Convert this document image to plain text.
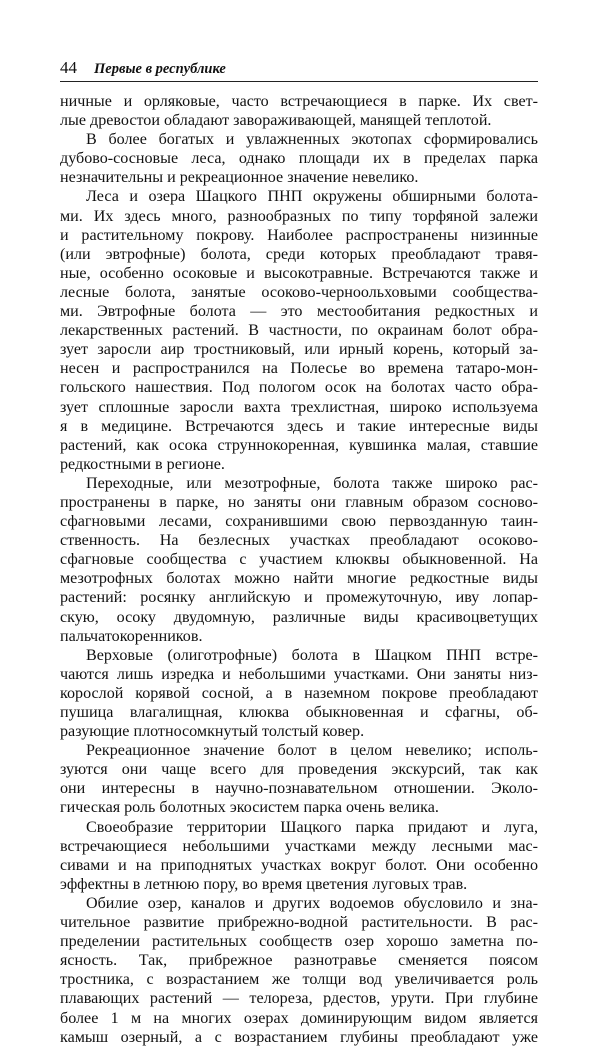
44	Первые в республике
ничные и орляковые, часто встречающиеся в парке. Их свет-
лые древостои обладают завораживающей, манящей теплотой.
В более богатых и увлажненных экотопах сформировались
дубово-сосновые леса, однако площади их в пределах парка
незначительны и рекреационное значение невелико.
Леса и озера Шацкого ПНП окружены обширными болота-
ми. Их здесь много, разнообразных по типу торфяной залежи
и растительному покрову. Наиболее распространены низинные
(или эвтрофные) болота, среди которых преобладают травя-
ные, особенно осоковые и высокотравные. Встречаются также и
лесные болота, занятые осоково-черноольховыми сообщества-
ми. Эвтрофные болота — это местообитания редкостных и
лекарственных растений. В частности, по окраинам болот обра-
зует заросли аир тростниковый, или ирный корень, который за-
несен и распространился на Полесье во времена татаро-мон-
гольского нашествия. Под пологом осок на болотах часто обра-
зует сплошные заросли вахта трехлистная, широко используема
я в медицине. Встречаются здесь и такие интересные виды
растений, как осока струннокоренная, кувшинка малая, ставшие
редкостными в регионе.
Переходные, или мезотрофные, болота также широко рас-
пространены в парке, но заняты они главным образом сосново-
сфагновыми лесами, сохранившими свою первозданную таин-
ственность. На безлесных участках преобладают осоково-
сфагновые сообщества с участием клюквы обыкновенной. На
мезотрофных болотах можно найти многие редкостные виды
растений: росянку английскую и промежуточную, иву лопар-
скую, осоку двудомную, различные виды красивоцветущих
пальчатокоренников.
Верховые (олиготрофные) болота в Шацком ПНП встре-
чаются лишь изредка и небольшими участками. Они заняты низ-
корослой корявой сосной, а в наземном покрове преобладают
пушица влагалищная, клюква обыкновенная и сфагны, об-
разующие плотносомкнутый толстый ковер.
Рекреационное значение болот в целом невелико; исполь-
зуются они чаще всего для проведения экскурсий, так как
они интересны в научно-познавательном отношении. Эколо-
гическая роль болотных экосистем парка очень велика.
Своеобразие территории Шацкого парка придают и луга,
встречающиеся небольшими участками между лесными мас-
сивами и на приподнятых участках вокруг болот. Они особенно
эффектны в летнюю пору, во время цветения луговых трав.
Обилие озер, каналов и других водоемов обусловило и зна-
чительное развитие прибрежно-водной растительности. В рас-
пределении растительных сообществ озер хорошо заметна по-
ясность. Так, прибрежное разнотравье сменяется поясом
тростника, с возрастанием же толщи вод увеличивается роль
плавающих растений — телореза, рдестов, урути. При глубине
более 1 м на многих озерах доминирующим видом является
камыш озерный, а с возрастанием глубины преобладают уже
